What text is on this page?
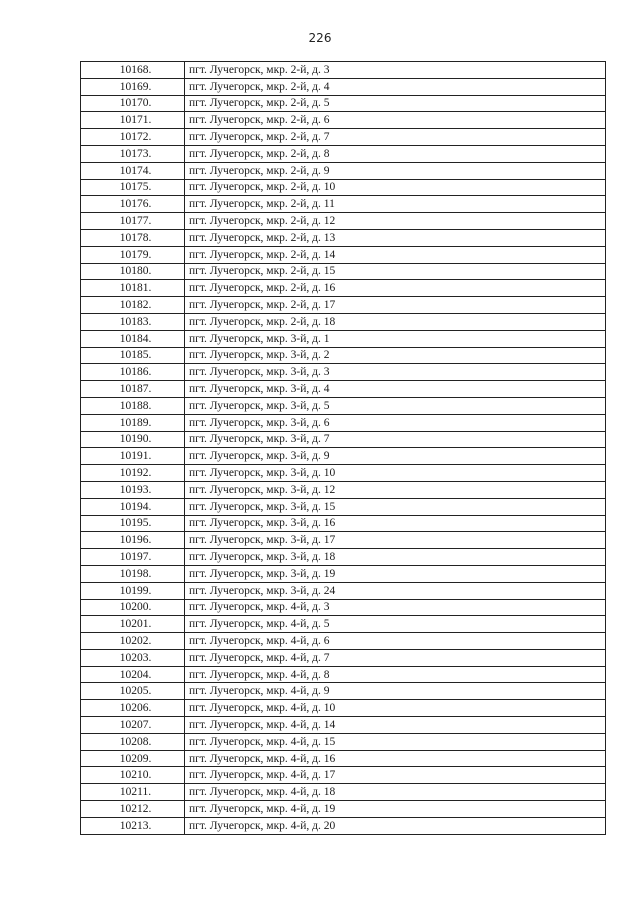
226
10168.	пгт. Лучегорск, мкр. 2-й, д. 3
10169.	пгт. Лучегорск, мкр. 2-й, д. 4
10170.	пгт. Лучегорск, мкр. 2-й, д. 5
10171.	пгт. Лучегорск, мкр. 2-й, д. 6
10172.	пгт. Лучегорск, мкр. 2-й, д. 7
10173.	пгт. Лучегорск, мкр. 2-й, д. 8
10174.	пгт. Лучегорск, мкр. 2-й, д. 9
10175.	пгт. Лучегорск, мкр. 2-й, д. 10
10176.	пгт. Лучегорск, мкр. 2-й, д. 11
10177.	пгт. Лучегорск, мкр. 2-й, д. 12
10178.	пгт. Лучегорск, мкр. 2-й, д. 13
10179.	пгт. Лучегорск, мкр. 2-й, д. 14
10180.	пгт. Лучегорск, мкр. 2-й, д. 15
10181.	пгт. Лучегорск, мкр. 2-й, д. 16
10182.	пгт. Лучегорск, мкр. 2-й, д. 17
10183.	пгт. Лучегорск, мкр. 2-й, д. 18
10184.	пгт. Лучегорск, мкр. 3-й, д. 1
10185.	пгт. Лучегорск, мкр. 3-й, д. 2
10186.	пгт. Лучегорск, мкр. 3-й, д. 3
10187.	пгт. Лучегорск, мкр. 3-й, д. 4
10188.	пгт. Лучегорск, мкр. 3-й, д. 5
10189.	пгт. Лучегорск, мкр. 3-й, д. 6
10190.	пгт. Лучегорск, мкр. 3-й, д. 7
10191.	пгт. Лучегорск, мкр. 3-й, д. 9
10192.	пгт. Лучегорск, мкр. 3-й, д. 10
10193.	пгт. Лучегорск, мкр. 3-й, д. 12
10194.	пгт. Лучегорск, мкр. 3-й, д. 15
10195.	пгт. Лучегорск, мкр. 3-й, д. 16
10196.	пгт. Лучегорск, мкр. 3-й, д. 17
10197.	пгт. Лучегорск, мкр. 3-й, д. 18
10198.	пгт. Лучегорск, мкр. 3-й, д. 19
10199.	пгт. Лучегорск, мкр. 3-й, д. 24
10200.	пгт. Лучегорск, мкр. 4-й, д. 3
10201.	пгт. Лучегорск, мкр. 4-й, д. 5
10202.	пгт. Лучегорск, мкр. 4-й, д. 6
10203.	пгт. Лучегорск, мкр. 4-й, д. 7
10204.	пгт. Лучегорск, мкр. 4-й, д. 8
10205.	пгт. Лучегорск, мкр. 4-й, д. 9
10206.	пгт. Лучегорск, мкр. 4-й, д. 10
10207.	пгт. Лучегорск, мкр. 4-й, д. 14
10208.	пгт. Лучегорск, мкр. 4-й, д. 15
10209.	пгт. Лучегорск, мкр. 4-й, д. 16
10210.	пгт. Лучегорск, мкр. 4-й, д. 17
10211.	пгт. Лучегорск, мкр. 4-й, д. 18
10212.	пгт. Лучегорск, мкр. 4-й, д. 19
10213.	пгт. Лучегорск, мкр. 4-й, д. 20
